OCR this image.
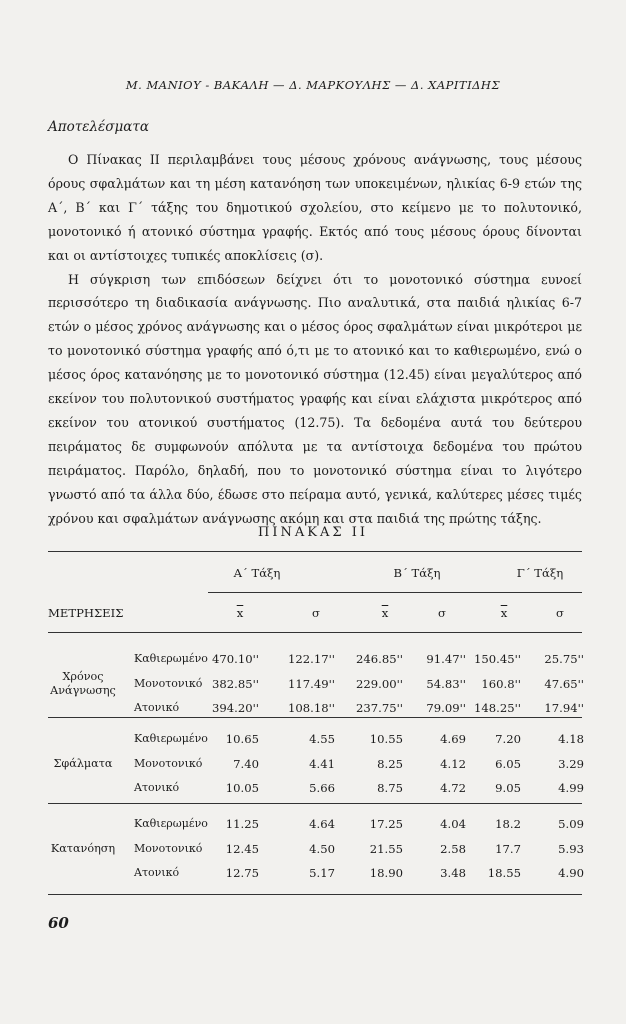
Μ. ΜΑΝΙΟΥ - ΒΑΚΑΛΗ — Δ. ΜΑΡΚΟΥΛΗΣ — Δ. ΧΑΡΙΤΙΔΗΣ
Αποτελέσματα

Ο Πίνακας ΙΙ περιλαμβάνει τους μέσους χρόνους ανάγνωσης, τους μέσους όρους σφαλμάτων και τη μέση κατανόηση των υποκειμένων, ηλικίας 6-9 ετών της Α΄, Β΄ και Γ΄ τάξης του δημοτικού σχολείου, στο κείμενο με το πολυτονικό, μονοτονικό ή ατονικό σύστημα γραφής. Εκτός από τους μέσους όρους δίνονται και οι αντίστοιχες τυπικές αποκλίσεις (σ).

Η σύγκριση των επιδόσεων δείχνει ότι το μονοτονικό σύστημα ευνοεί περισσότερο τη διαδικασία ανάγνωσης. Πιο αναλυτικά, στα παιδιά ηλικίας 6-7 ετών ο μέσος χρόνος ανάγνωσης και ο μέσος όρος σφαλμάτων είναι μικρότεροι με το μονοτονικό σύστημα γραφής από ό,τι με το ατονικό και το καθιερωμένο, ενώ ο μέσος όρος κατανόησης με το μονοτονικό σύστημα (12.45) είναι μεγαλύτερος από εκείνον του πολυτονικού συστήματος γραφής και είναι ελάχιστα μικρότερος από εκείνον του ατονικού συστήματος (12.75). Τα δεδομένα αυτά του δεύτερου πειράματος δε συμφωνούν απόλυτα με τα αντίστοιχα δεδομένα του πρώτου πειράματος. Παρόλο, δηλαδή, που το μονοτονικό σύστημα είναι το λιγότερο γνωστό από τα άλλα δύο, έδωσε στο πείραμα αυτό, γενικά, καλύτερες μέσες τιμές χρόνου και σφαλμάτων ανάγνωσης ακόμη και στα παιδιά της πρώτης τάξης.

ΠΙΝΑΚΑΣ ΙΙ
Α΄ Τάξη	Β΄ Τάξη	Γ΄ Τάξη
ΜΕΤΡΗΣΕΙΣ	$\overline{x}$	σ	$\overline{x}$	σ	$\overline{x}$	σ
Χρόνος
Ανάγνωσης
Καθιερωμένο 470.10''	122.17''	246.85''	91.47'' 150.45''	25.75''
Μονοτονικό 382.85''	117.49''	229.00''	54.83''	160.8''	47.65''
Ατονικό	394.20''	108.18''	237.75''	79.09'' 148.25''	17.94''
Σφάλματα
Καθιερωμένο	10.65	4.55	10.55	4.69	7.20	4.18
Μονοτονικό	7.40	4.41	8.25	4.12	6.05	3.29
Ατονικό	10.05	5.66	8.75	4.72	9.05	4.99
Κατανόηση
Καθιερωμένο	11.25	4.64	17.25	4.04	18.2	5.09
Μονοτονικό	12.45	4.50	21.55	2.58	17.7	5.93
Ατονικό	12.75	5.17	18.90	3.48	18.55	4.90
60
